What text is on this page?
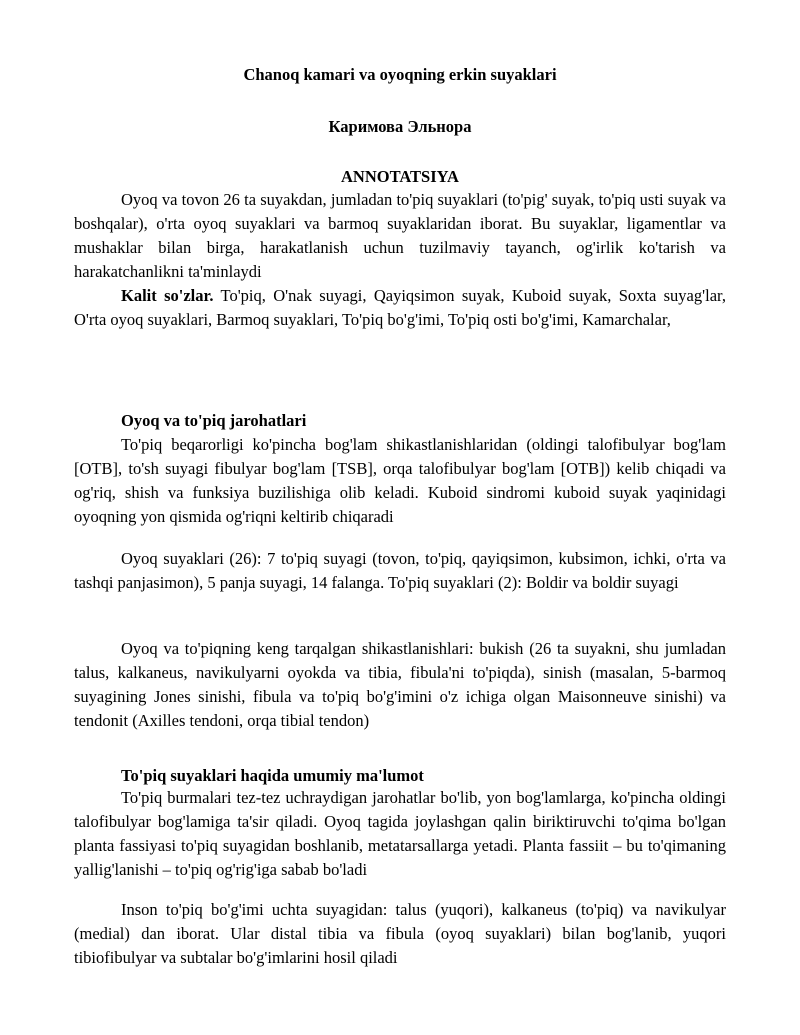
Chanoq kamari va oyoqning erkin suyaklari
Каримова Эльнора
ANNOTATSIYA

Oyoq va tovon 26 ta suyakdan, jumladan to'piq suyaklari (to'pig' suyak, to'piq usti suyak va boshqalar), o'rta oyoq suyaklari va barmoq suyaklaridan iborat. Bu suyaklar, ligamentlar va mushaklar bilan birga, harakatlanish uchun tuzilmaviy tayanch, og'irlik ko'tarish va harakatchanlikni ta'minlaydi

Kalit so'zlar. To'piq, O'nak suyagi, Qayiqsimon suyak, Kuboid suyak, Soxta suyag'lar, O'rta oyoq suyaklari, Barmoq suyaklari, To'piq bo'g'imi, To'piq osti bo'g'imi, Kamarchalar,

Oyoq va to'piq jarohatlari

To'piq beqarorligi ko'pincha bog'lam shikastlanishlaridan (oldingi talofibulyar bog'lam [OTB], to'sh suyagi fibulyar bog'lam [TSB], orqa talofibulyar bog'lam [OTB]) kelib chiqadi va og'riq, shish va funksiya buzilishiga olib keladi. Kuboid sindromi kuboid suyak yaqinidagi oyoqning yon qismida og'riqni keltirib chiqaradi

Oyoq suyaklari (26): 7 to'piq suyagi (tovon, to'piq, qayiqsimon, kubsimon, ichki, o'rta va tashqi panjasimon), 5 panja suyagi, 14 falanga. To'piq suyaklari (2): Boldir va boldir suyagi

Oyoq va to'piqning keng tarqalgan shikastlanishlari: bukish (26 ta suyakni, shu jumladan talus, kalkaneus, navikulyarni oyokda va tibia, fibula'ni to'piqda), sinish (masalan, 5-barmoq suyagining Jones sinishi, fibula va to'piq bo'g'imini o'z ichiga olgan Maisonneuve sinishi) va tendonit (Axilles tendoni, orqa tibial tendon)

To'piq suyaklari haqida umumiy ma'lumot

To'piq burmalari tez-tez uchraydigan jarohatlar bo'lib, yon bog'lamlarga, ko'pincha oldingi talofibulyar bog'lamiga ta'sir qiladi. Oyoq tagida joylashgan qalin biriktiruvchi to'qima bo'lgan planta fassiyasi to'piq suyagidan boshlanib, metatarsallarga yetadi. Planta fassiit – bu to'qimaning yallig'lanishi – to'piq og'rig'iga sabab bo'ladi

Inson to'piq bo'g'imi uchta suyagidan: talus (yuqori), kalkaneus (to'piq) va navikulyar (medial) dan iborat. Ular distal tibia va fibula (oyoq suyaklari) bilan bog'lanib, yuqori tibiofibulyar va subtalar bo'g'imlarini hosil qiladi
